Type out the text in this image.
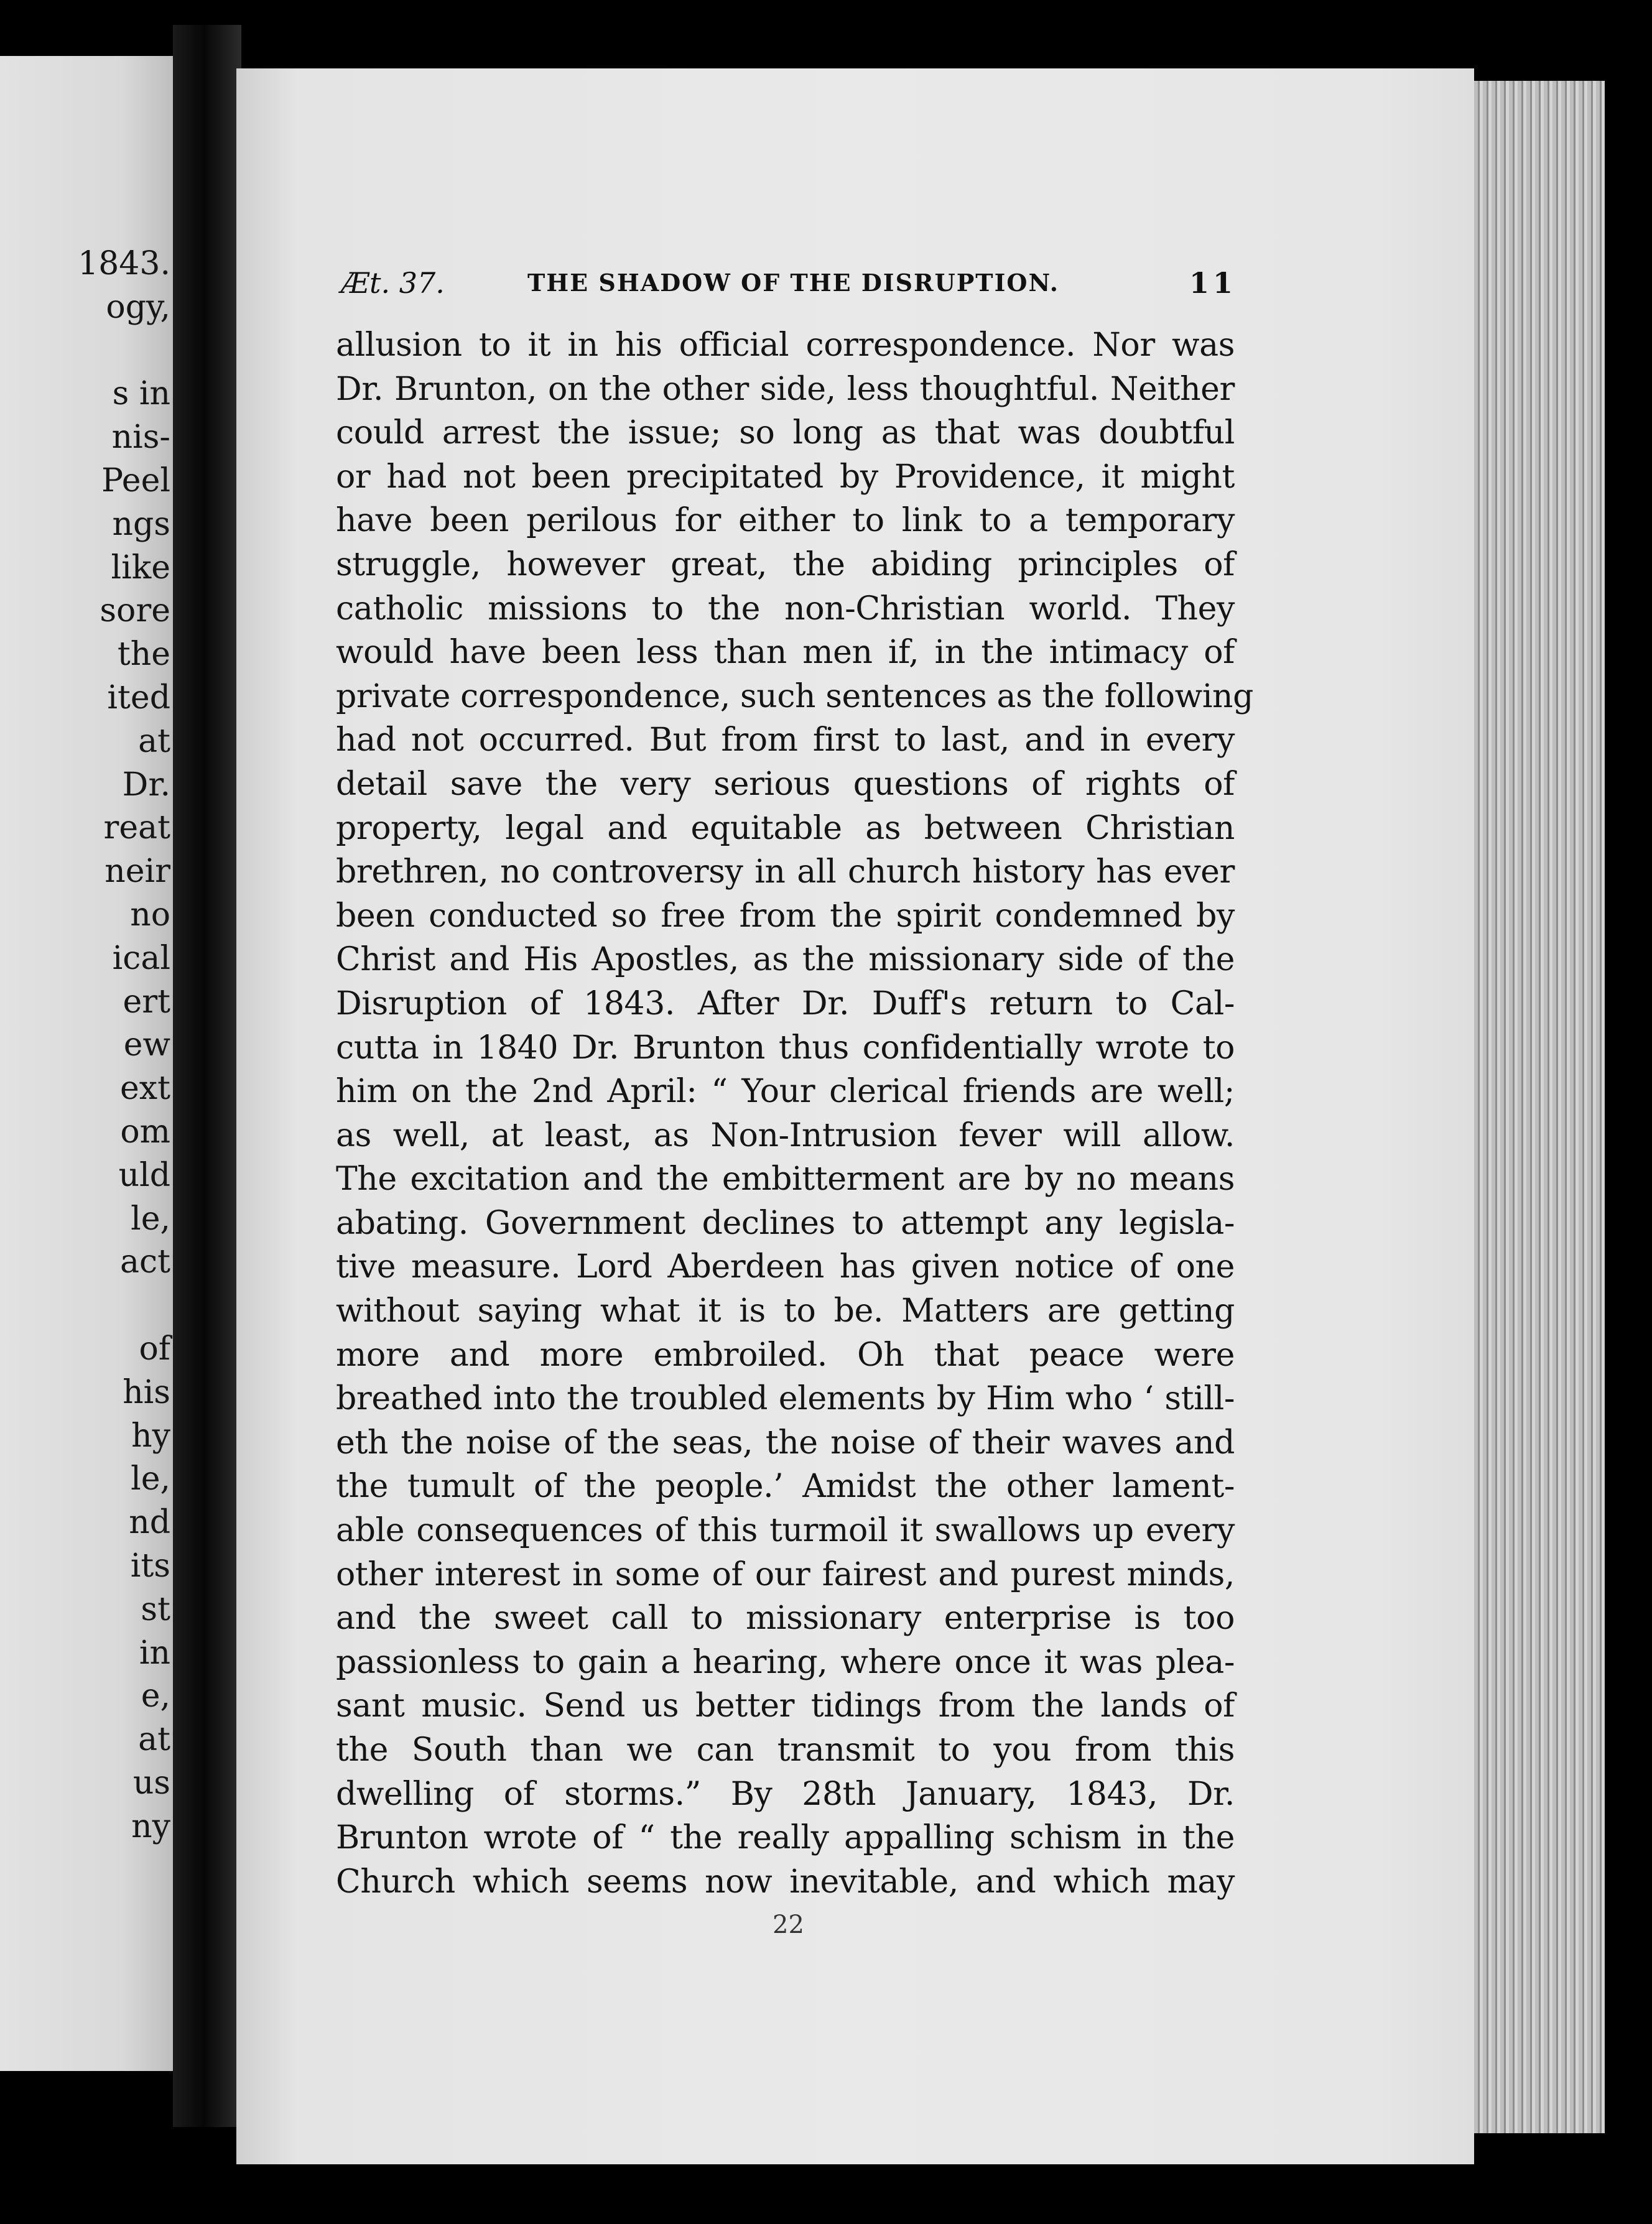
1843.
ogy,
s in
nis-
Peel
ngs
like
sore
the
ited
at
Dr.
reat
neir
no
ical
ert
ew
ext
om
uld
le,
act
of
his
hy
le,
nd
its
st
in
e,
at
us
ny
Æt. 37.	THE SHADOW OF THE DISRUPTION.	11
allusion to it in his official correspondence. Nor was
Dr. Brunton, on the other side, less thoughtful. Neither
could arrest the issue; so long as that was doubtful
or had not been precipitated by Providence, it might
have been perilous for either to link to a temporary
struggle, however great, the abiding principles of
catholic missions to the non-Christian world. They
would have been less than men if, in the intimacy of
private correspondence, such sentences as the following
had not occurred. But from first to last, and in every
detail save the very serious questions of rights of
property, legal and equitable as between Christian
brethren, no controversy in all church history has ever
been conducted so free from the spirit condemned by
Christ and His Apostles, as the missionary side of the
Disruption of 1843. After Dr. Duff's return to Cal-
cutta in 1840 Dr. Brunton thus confidentially wrote to
him on the 2nd April: “ Your clerical friends are well;
as well, at least, as Non-Intrusion fever will allow.
The excitation and the embitterment are by no means
abating. Government declines to attempt any legisla-
tive measure. Lord Aberdeen has given notice of one
without saying what it is to be. Matters are getting
more and more embroiled. Oh that peace were
breathed into the troubled elements by Him who ‘ still-
eth the noise of the seas, the noise of their waves and
the tumult of the people.’ Amidst the other lament-
able consequences of this turmoil it swallows up every
other interest in some of our fairest and purest minds,
and the sweet call to missionary enterprise is too
passionless to gain a hearing, where once it was plea-
sant music. Send us better tidings from the lands of
the South than we can transmit to you from this
dwelling of storms.” By 28th January, 1843, Dr.
Brunton wrote of “ the really appalling schism in the
Church which seems now inevitable, and which may
22
